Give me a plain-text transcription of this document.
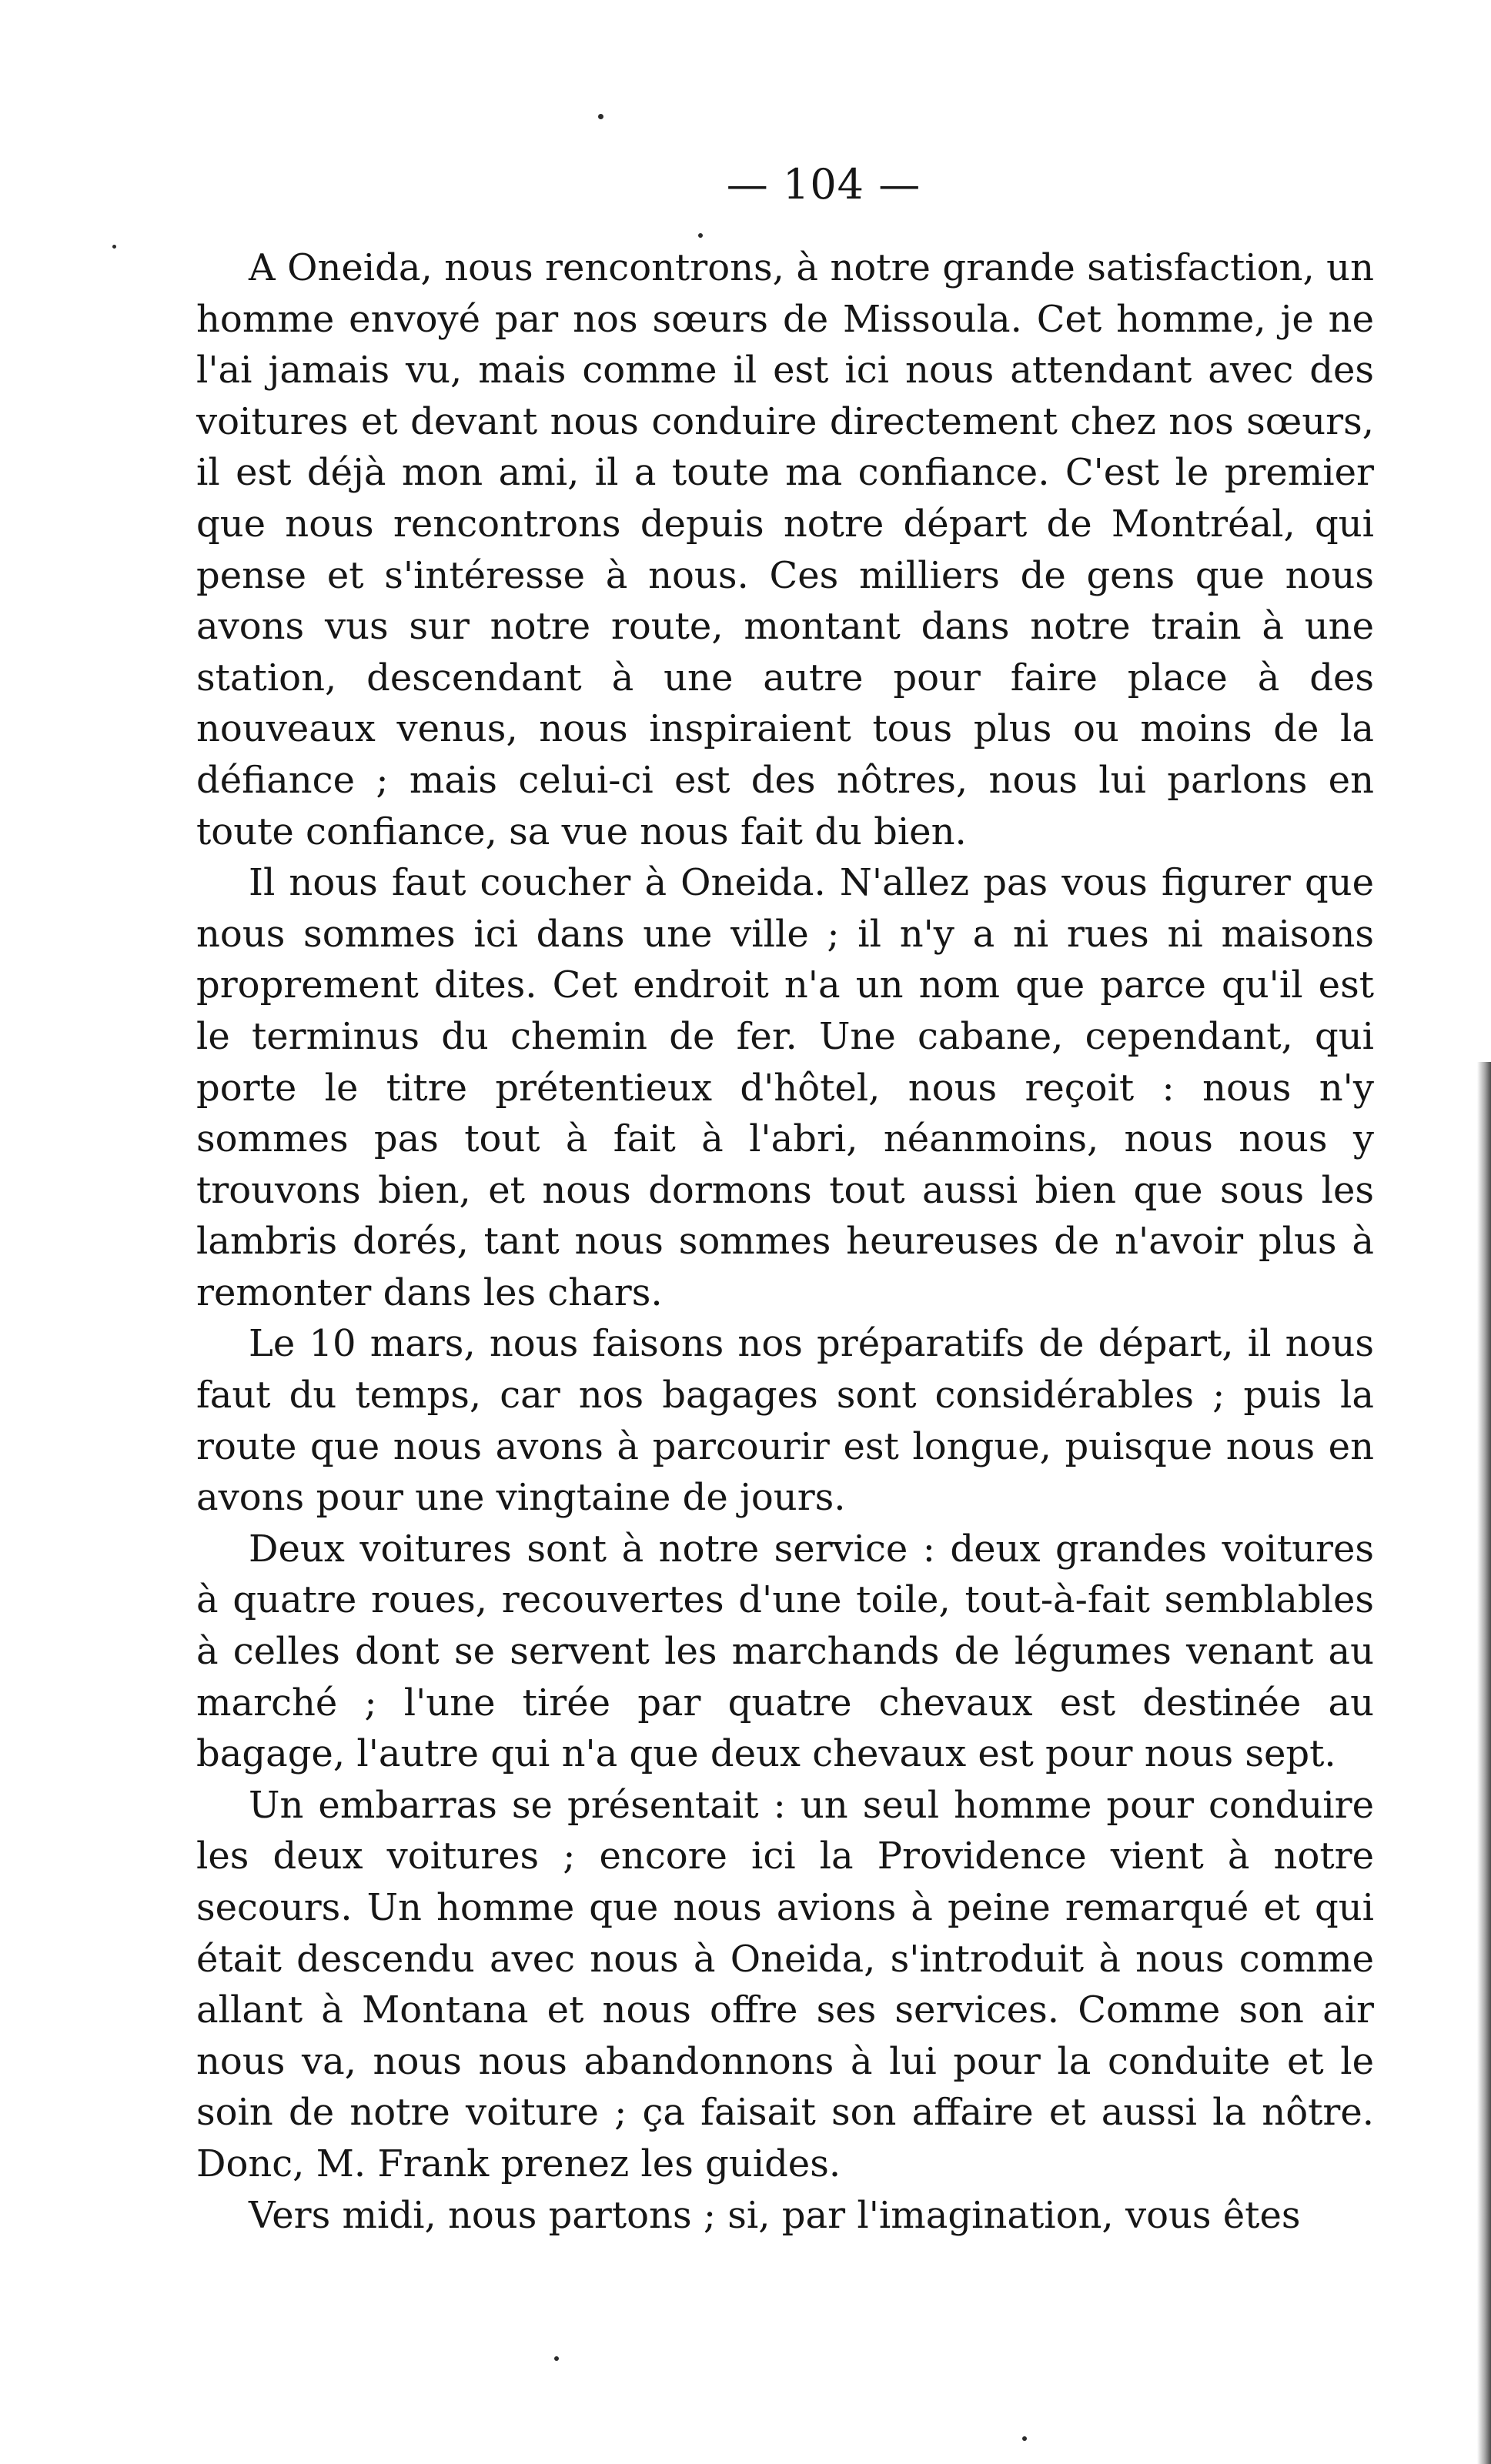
— 104 —

A Oneida, nous rencontrons, à notre grande satisfaction, un homme envoyé par nos sœurs de Missoula. Cet homme, je ne l'ai jamais vu, mais comme il est ici nous attendant avec des voitures et devant nous conduire directement chez nos sœurs, il est déjà mon ami, il a toute ma confiance. C'est le premier que nous rencontrons depuis notre départ de Montréal, qui pense et s'intéresse à nous. Ces milliers de gens que nous avons vus sur notre route, montant dans notre train à une station, descendant à une autre pour faire place à des nouveaux venus, nous inspiraient tous plus ou moins de la défiance ; mais celui-ci est des nôtres, nous lui parlons en toute confiance, sa vue nous fait du bien.

Il nous faut coucher à Oneida. N'allez pas vous figurer que nous sommes ici dans une ville ; il n'y a ni rues ni maisons proprement dites. Cet endroit n'a un nom que parce qu'il est le terminus du chemin de fer. Une cabane, cependant, qui porte le titre prétentieux d'hôtel, nous reçoit : nous n'y sommes pas tout à fait à l'abri, néanmoins, nous nous y trouvons bien, et nous dormons tout aussi bien que sous les lambris dorés, tant nous sommes heureuses de n'avoir plus à remonter dans les chars.

Le 10 mars, nous faisons nos préparatifs de départ, il nous faut du temps, car nos bagages sont considérables ; puis la route que nous avons à parcourir est longue, puisque nous en avons pour une vingtaine de jours.

Deux voitures sont à notre service : deux grandes voitures à quatre roues, recouvertes d'une toile, tout-à-fait semblables à celles dont se servent les marchands de légumes venant au marché ; l'une tirée par quatre chevaux est destinée au bagage, l'autre qui n'a que deux chevaux est pour nous sept.

Un embarras se présentait : un seul homme pour conduire les deux voitures ; encore ici la Providence vient à notre secours. Un homme que nous avions à peine remarqué et qui était descendu avec nous à Oneida, s'introduit à nous comme allant à Montana et nous offre ses services. Comme son air nous va, nous nous abandonnons à lui pour la conduite et le soin de notre voiture ; ça faisait son affaire et aussi la nôtre. Donc, M. Frank prenez les guides.

Vers midi, nous partons ; si, par l'imagination, vous êtes
